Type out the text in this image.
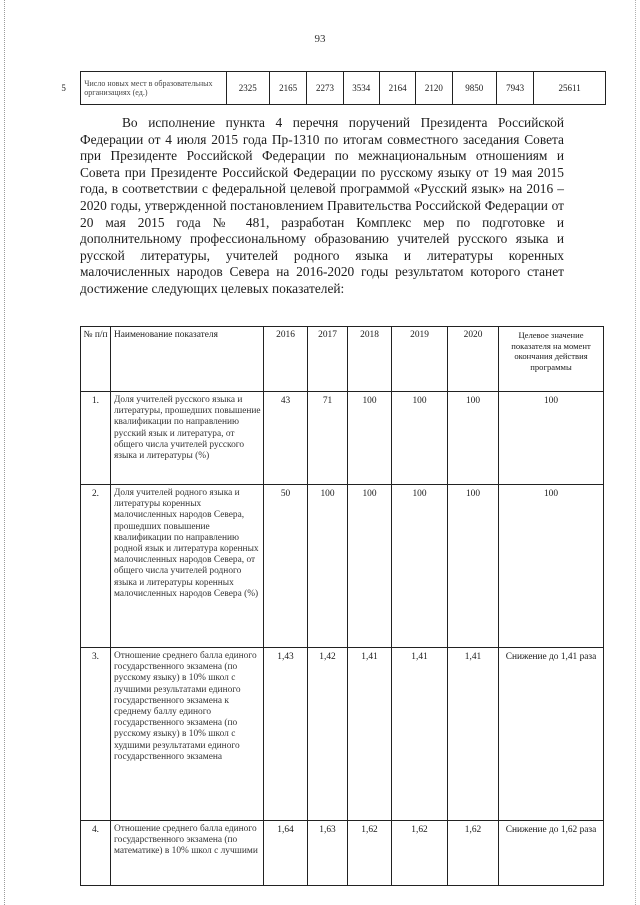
93
5	Число новых мест в образовательных организациях (ед.)	2325	2165	2273	3534	2164	2120	9850	7943	25611

Во исполнение пункта 4 перечня поручений Президента Российской Федерации от 4 июля 2015 года Пр-1310 по итогам совместного заседания Совета при Президенте Российской Федерации по межнациональным отношениям и Совета при Президенте Российской Федерации по русскому языку от 19 мая 2015 года, в соответствии с федеральной целевой программой «Русский язык» на 2016 – 2020 годы, утвержденной постановлением Правительства Российской Федерации от 20 мая 2015 года № 481, разработан Комплекс мер по подготовке и дополнительному профессиональному образованию учителей русского языка и русской литературы, учителей родного языка и литературы коренных малочисленных народов Севера на 2016-2020 годы результатом которого станет достижение следующих целевых показателей:

№ п/п	Наименование показателя	2016	2017	2018	2019	2020	Целевое значение показателя на момент окончания действия программы
1.	Доля учителей русского языка и литературы, прошедших повышение квалификации по направлению русский язык и литература, от общего числа учителей русского языка и литературы (%)	43	71	100	100	100	100
2.	Доля учителей родного языка и литературы коренных малочисленных народов Севера, прошедших повышение квалификации по направлению родной язык и литература коренных малочисленных народов Севера, от общего числа учителей родного языка и литературы коренных малочисленных народов Севера (%)	50	100	100	100	100	100
3.	Отношение среднего балла единого государственного экзамена (по русскому языку) в 10% школ с лучшими результатами единого государственного экзамена к среднему баллу единого государственного экзамена (по русскому языку) в 10% школ с худшими результатами единого государственного экзамена	1,43	1,42	1,41	1,41	1,41	Снижение до 1,41 раза
4.	Отношение среднего балла единого государственного экзамена (по математике) в 10% школ с лучшими	1,64	1,63	1,62	1,62	1,62	Снижение до 1,62 раза
